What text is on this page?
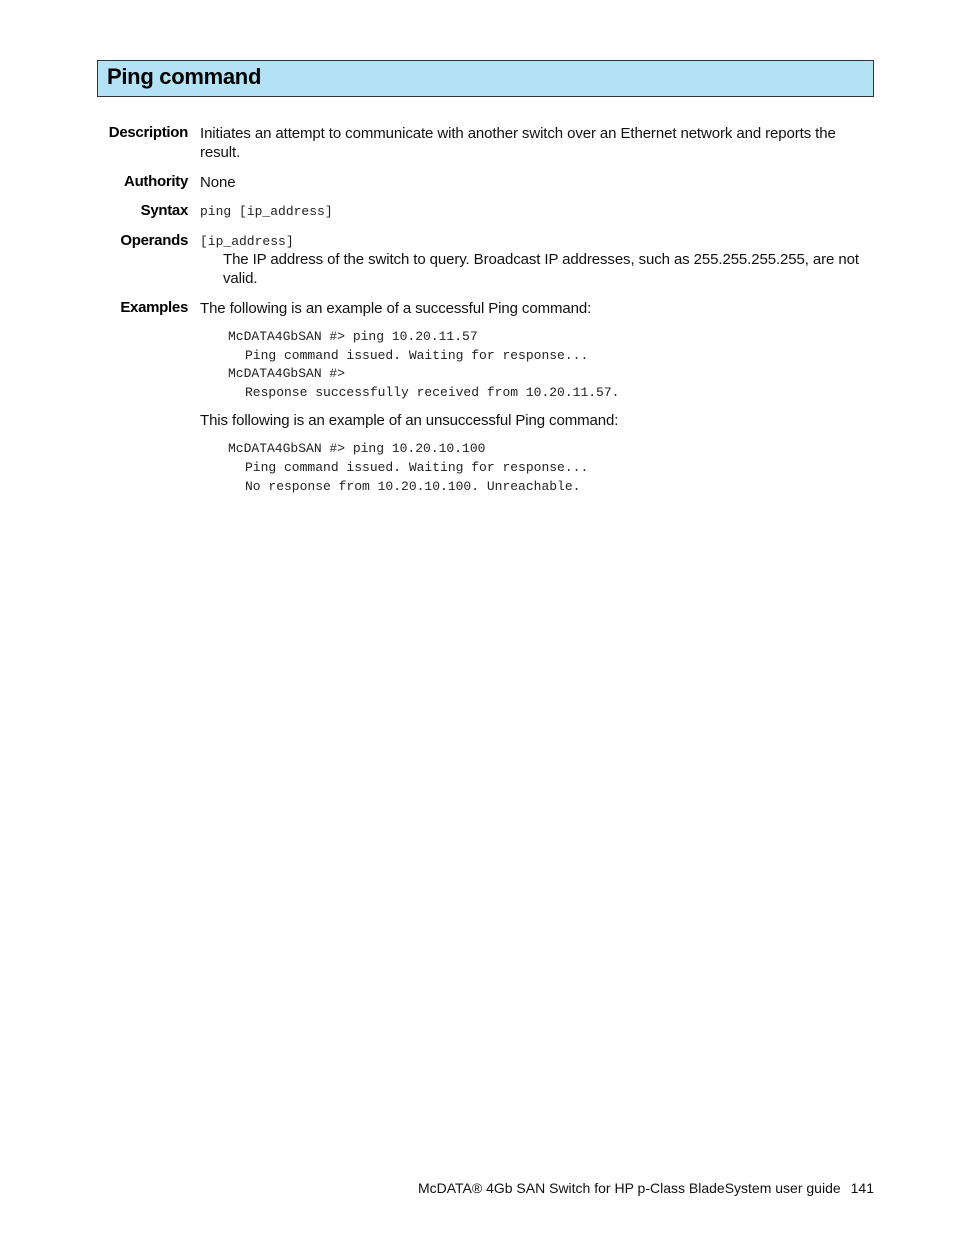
Ping command
Description Initiates an attempt to communicate with another switch over an Ethernet network and reports the result.
Authority None
Syntax ping [ip_address]
Operands [ip_address]
The IP address of the switch to query. Broadcast IP addresses, such as 255.255.255.255, are not valid.
Examples The following is an example of a successful Ping command:
McDATA4GbSAN #> ping 10.20.11.57
Ping command issued. Waiting for response...
McDATA4GbSAN #>
Response successfully received from 10.20.11.57.
This following is an example of an unsuccessful Ping command:
McDATA4GbSAN #> ping 10.20.10.100
Ping command issued. Waiting for response...
No response from 10.20.10.100. Unreachable.
McDATA® 4Gb SAN Switch for HP p-Class BladeSystem user guide 141
